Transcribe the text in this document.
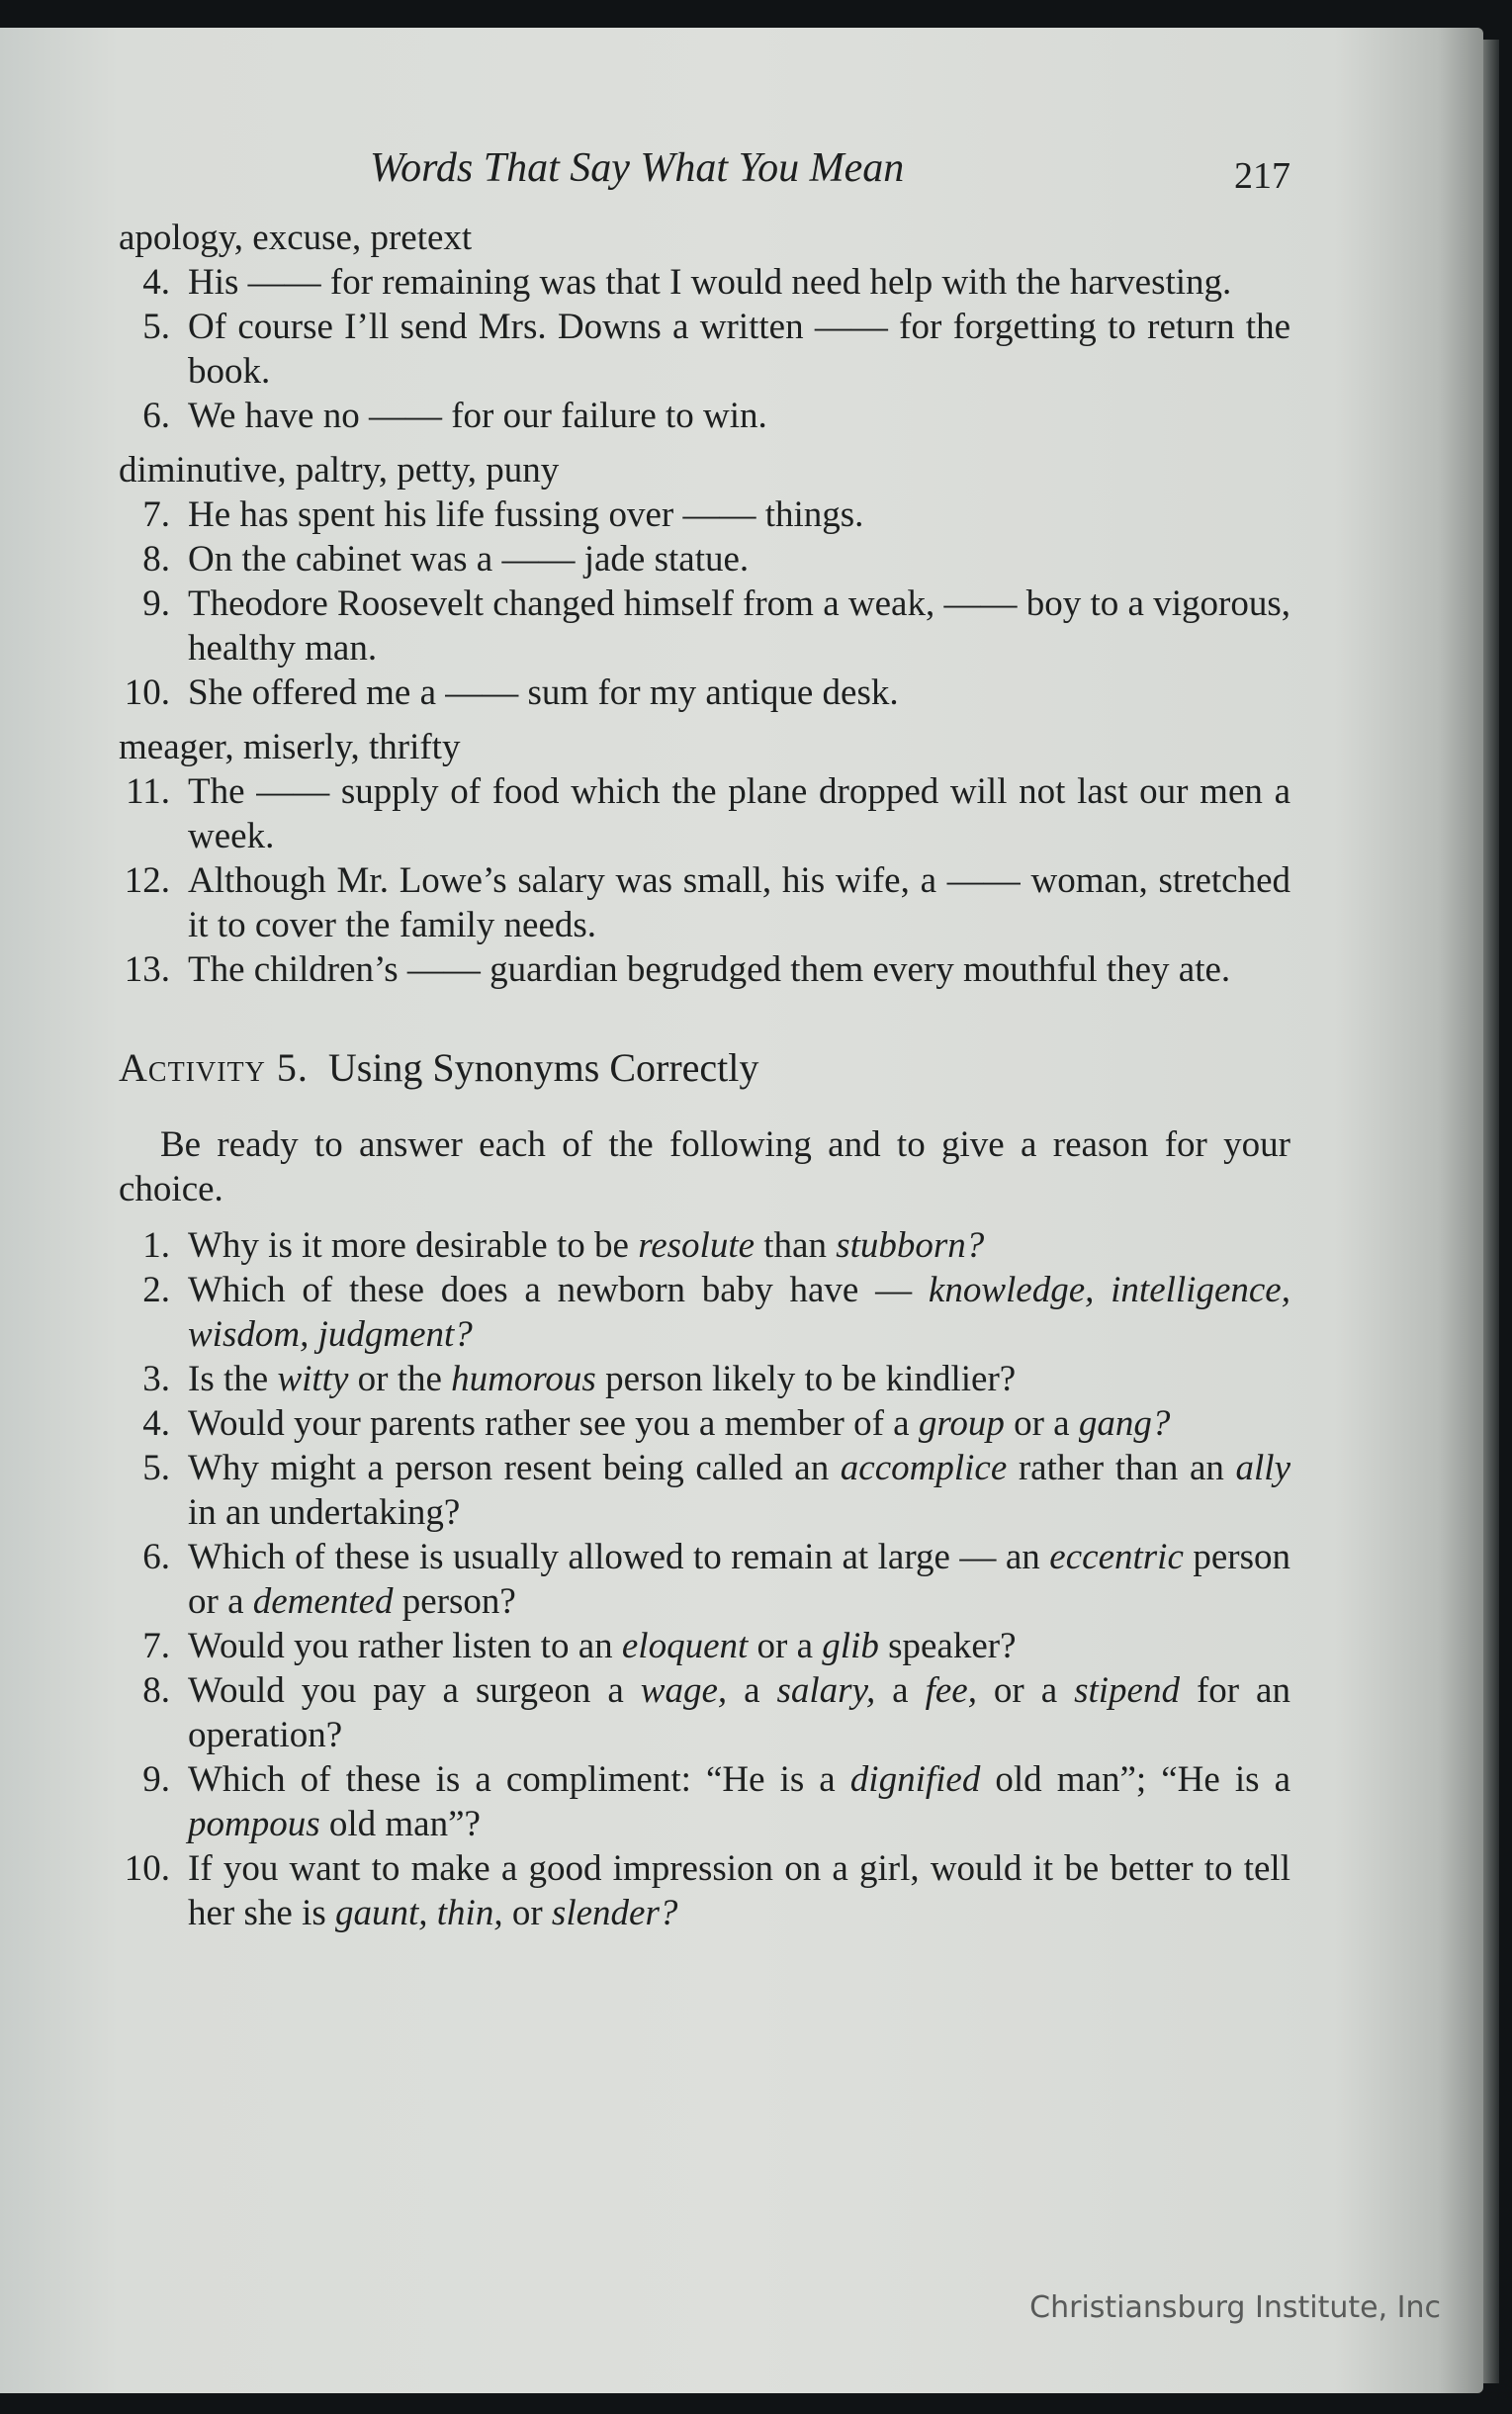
Words That Say What You Mean	217
apology, excuse, pretext
4. His —— for remaining was that I would need help with the harvesting.
5. Of course I’ll send Mrs. Downs a written —— for forgetting to return the book.
6. We have no —— for our failure to win.
diminutive, paltry, petty, puny
7. He has spent his life fussing over —— things.
8. On the cabinet was a —— jade statue.
9. Theodore Roosevelt changed himself from a weak, —— boy to a vigorous, healthy man.
10. She offered me a —— sum for my antique desk.
meager, miserly, thrifty
11. The —— supply of food which the plane dropped will not last our men a week.
12. Although Mr. Lowe’s salary was small, his wife, a —— woman, stretched it to cover the family needs.
13. The children’s —— guardian begrudged them every mouthful they ate.
Activity 5. Using Synonyms Correctly
Be ready to answer each of the following and to give a reason for your choice.
1. Why is it more desirable to be resolute than stubborn?
2. Which of these does a newborn baby have — knowledge, intelligence, wisdom, judgment?
3. Is the witty or the humorous person likely to be kindlier?
4. Would your parents rather see you a member of a group or a gang?
5. Why might a person resent being called an accomplice rather than an ally in an undertaking?
6. Which of these is usually allowed to remain at large — an eccentric person or a demented person?
7. Would you rather listen to an eloquent or a glib speaker?
8. Would you pay a surgeon a wage, a salary, a fee, or a stipend for an operation?
9. Which of these is a compliment: “He is a dignified old man”; “He is a pompous old man”?
10. If you want to make a good impression on a girl, would it be better to tell her she is gaunt, thin, or slender?
Christiansburg Institute, Inc
